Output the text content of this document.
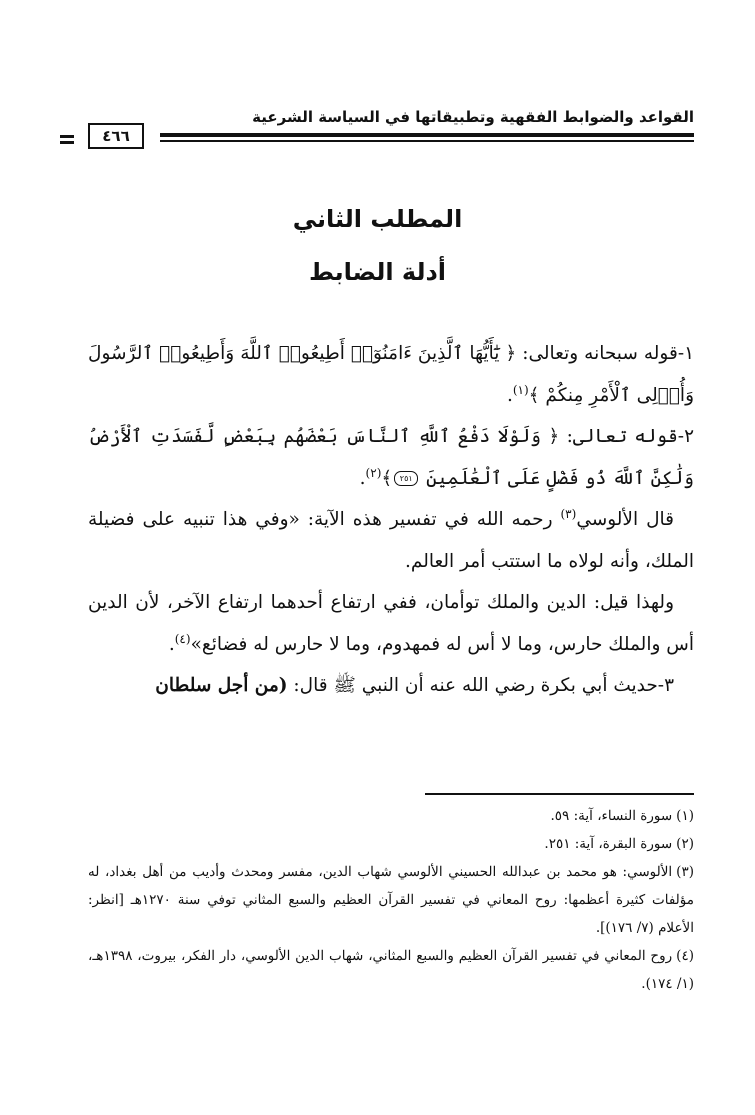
القواعد والضوابط الفقهية وتطبيقاتها في السياسة الشرعية
٤٦٦
المطلب الثاني
أدلة الضابط

١-قوله سبحانه وتعالى: ﴿ يَٰٓأَيُّهَا ٱلَّذِينَ ءَامَنُوٓا۟ أَطِيعُوا۟ ٱللَّهَ وَأَطِيعُوا۟ ٱلرَّسُولَ وَأُو۟لِى ٱلْأَمْرِ مِنكُمْ ﴾$^{(١)}$.

٢-قوله تعالى: ﴿ وَلَوْلَا دَفْعُ ٱللَّهِ ٱلنَّاسَ بَعْضَهُم بِبَعْضٍ لَّفَسَدَتِ ٱلْأَرْضُ وَلَٰكِنَّ ٱللَّهَ ذُو فَضْلٍ عَلَى ٱلْعَٰلَمِينَ ٢٥١﴾$^{(٢)}$.

قال الألوسي$^{(٣)}$ رحمه الله في تفسير هذه الآية: «وفي هذا تنبيه على فضيلة الملك، وأنه لولاه ما استتب أمر العالم.

ولهذا قيل: الدين والملك توأمان، ففي ارتفاع أحدهما ارتفاع الآخر، لأن الدين أس والملك حارس، وما لا أس له فمهدوم، وما لا حارس له فضائع»$^{(٤)}$.

٣-حديث أبي بكرة رضي الله عنه أن النبي ﷺ قال: (من أجل سلطان

(١)سورة النساء، آية: ٥٩.

(٢)سورة البقرة، آية: ٢٥١.

(٣)الألوسي: هو محمد بن عبدالله الحسيني الألوسي شهاب الدين، مفسر ومحدث وأديب من أهل بغداد، له مؤلفات كثيرة أعظمها: روح المعاني في تفسير القرآن العظيم والسبع المثاني توفي سنة ١٢٧٠هـ [انظر: الأعلام (٧/ ١٧٦)].

(٤)روح المعاني في تفسير القرآن العظيم والسبع المثاني، شهاب الدين الألوسي، دار الفكر، بيروت، ١٣٩٨هـ، (١/ ١٧٤).
